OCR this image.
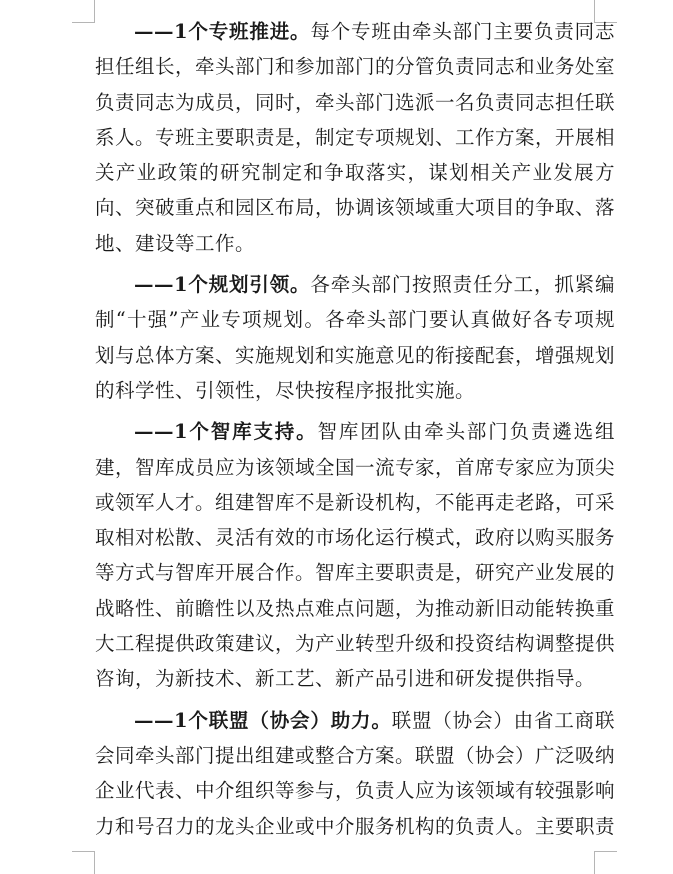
——1个专班推进。每个专班由牵头部门主要负责同志担任组长，牵头部门和参加部门的分管负责同志和业务处室负责同志为成员，同时，牵头部门选派一名负责同志担任联系人。专班主要职责是，制定专项规划、工作方案，开展相关产业政策的研究制定和争取落实，谋划相关产业发展方向、突破重点和园区布局，协调该领域重大项目的争取、落地、建设等工作。

——1个规划引领。各牵头部门按照责任分工，抓紧编制“十强”产业专项规划。各牵头部门要认真做好各专项规划与总体方案、实施规划和实施意见的衔接配套，增强规划的科学性、引领性，尽快按程序报批实施。

——1个智库支持。智库团队由牵头部门负责遴选组建，智库成员应为该领域全国一流专家，首席专家应为顶尖或领军人才。组建智库不是新设机构，不能再走老路，可采取相对松散、灵活有效的市场化运行模式，政府以购买服务等方式与智库开展合作。智库主要职责是，研究产业发展的战略性、前瞻性以及热点难点问题，为推动新旧动能转换重大工程提供政策建议，为产业转型升级和投资结构调整提供咨询，为新技术、新工艺、新产品引进和研发提供指导。

——1个联盟（协会）助力。联盟（协会）由省工商联会同牵头部门提出组建或整合方案。联盟（协会）广泛吸纳企业代表、中介组织等参与，负责人应为该领域有较强影响力和号召力的龙头企业或中介服务机构的负责人。主要职责
